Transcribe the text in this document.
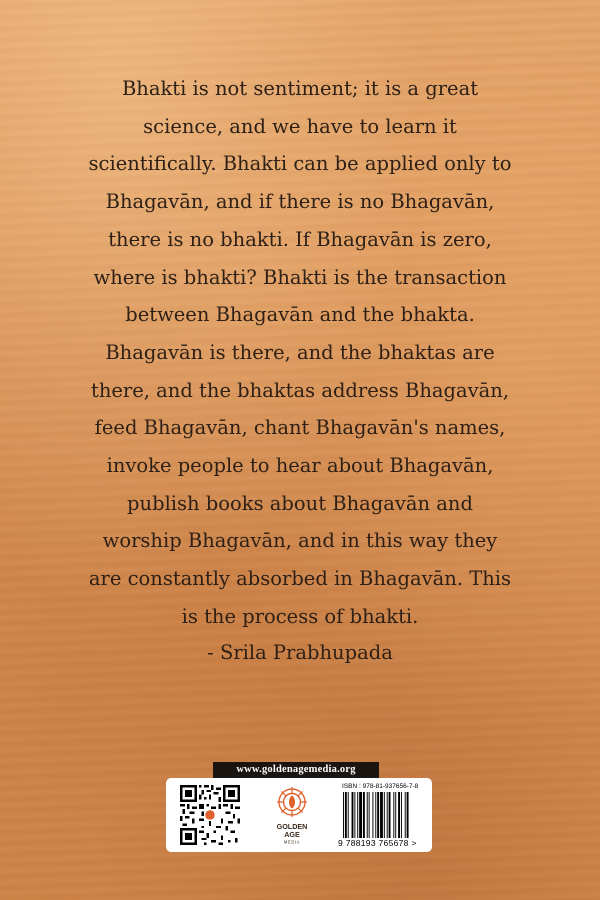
Bhakti is not sentiment; it is a great
science, and we have to learn it
scientifically. Bhakti can be applied only to
Bhagavān, and if there is no Bhagavān,
there is no bhakti. If Bhagavān is zero,
where is bhakti? Bhakti is the transaction
between Bhagavān and the bhakta.
Bhagavān is there, and the bhaktas are
there, and the bhaktas address Bhagavān,
feed Bhagavān, chant Bhagavān's names,
invoke people to hear about Bhagavān,
publish books about Bhagavān and
worship Bhagavān, and in this way they
are constantly absorbed in Bhagavān. This
is the process of bhakti.
- Srila Prabhupada
www.goldenagemedia.org
GOLDEN
AGE
MEDIA
ISBN : 978-81-937656-7-8
9 788193 765678 >
